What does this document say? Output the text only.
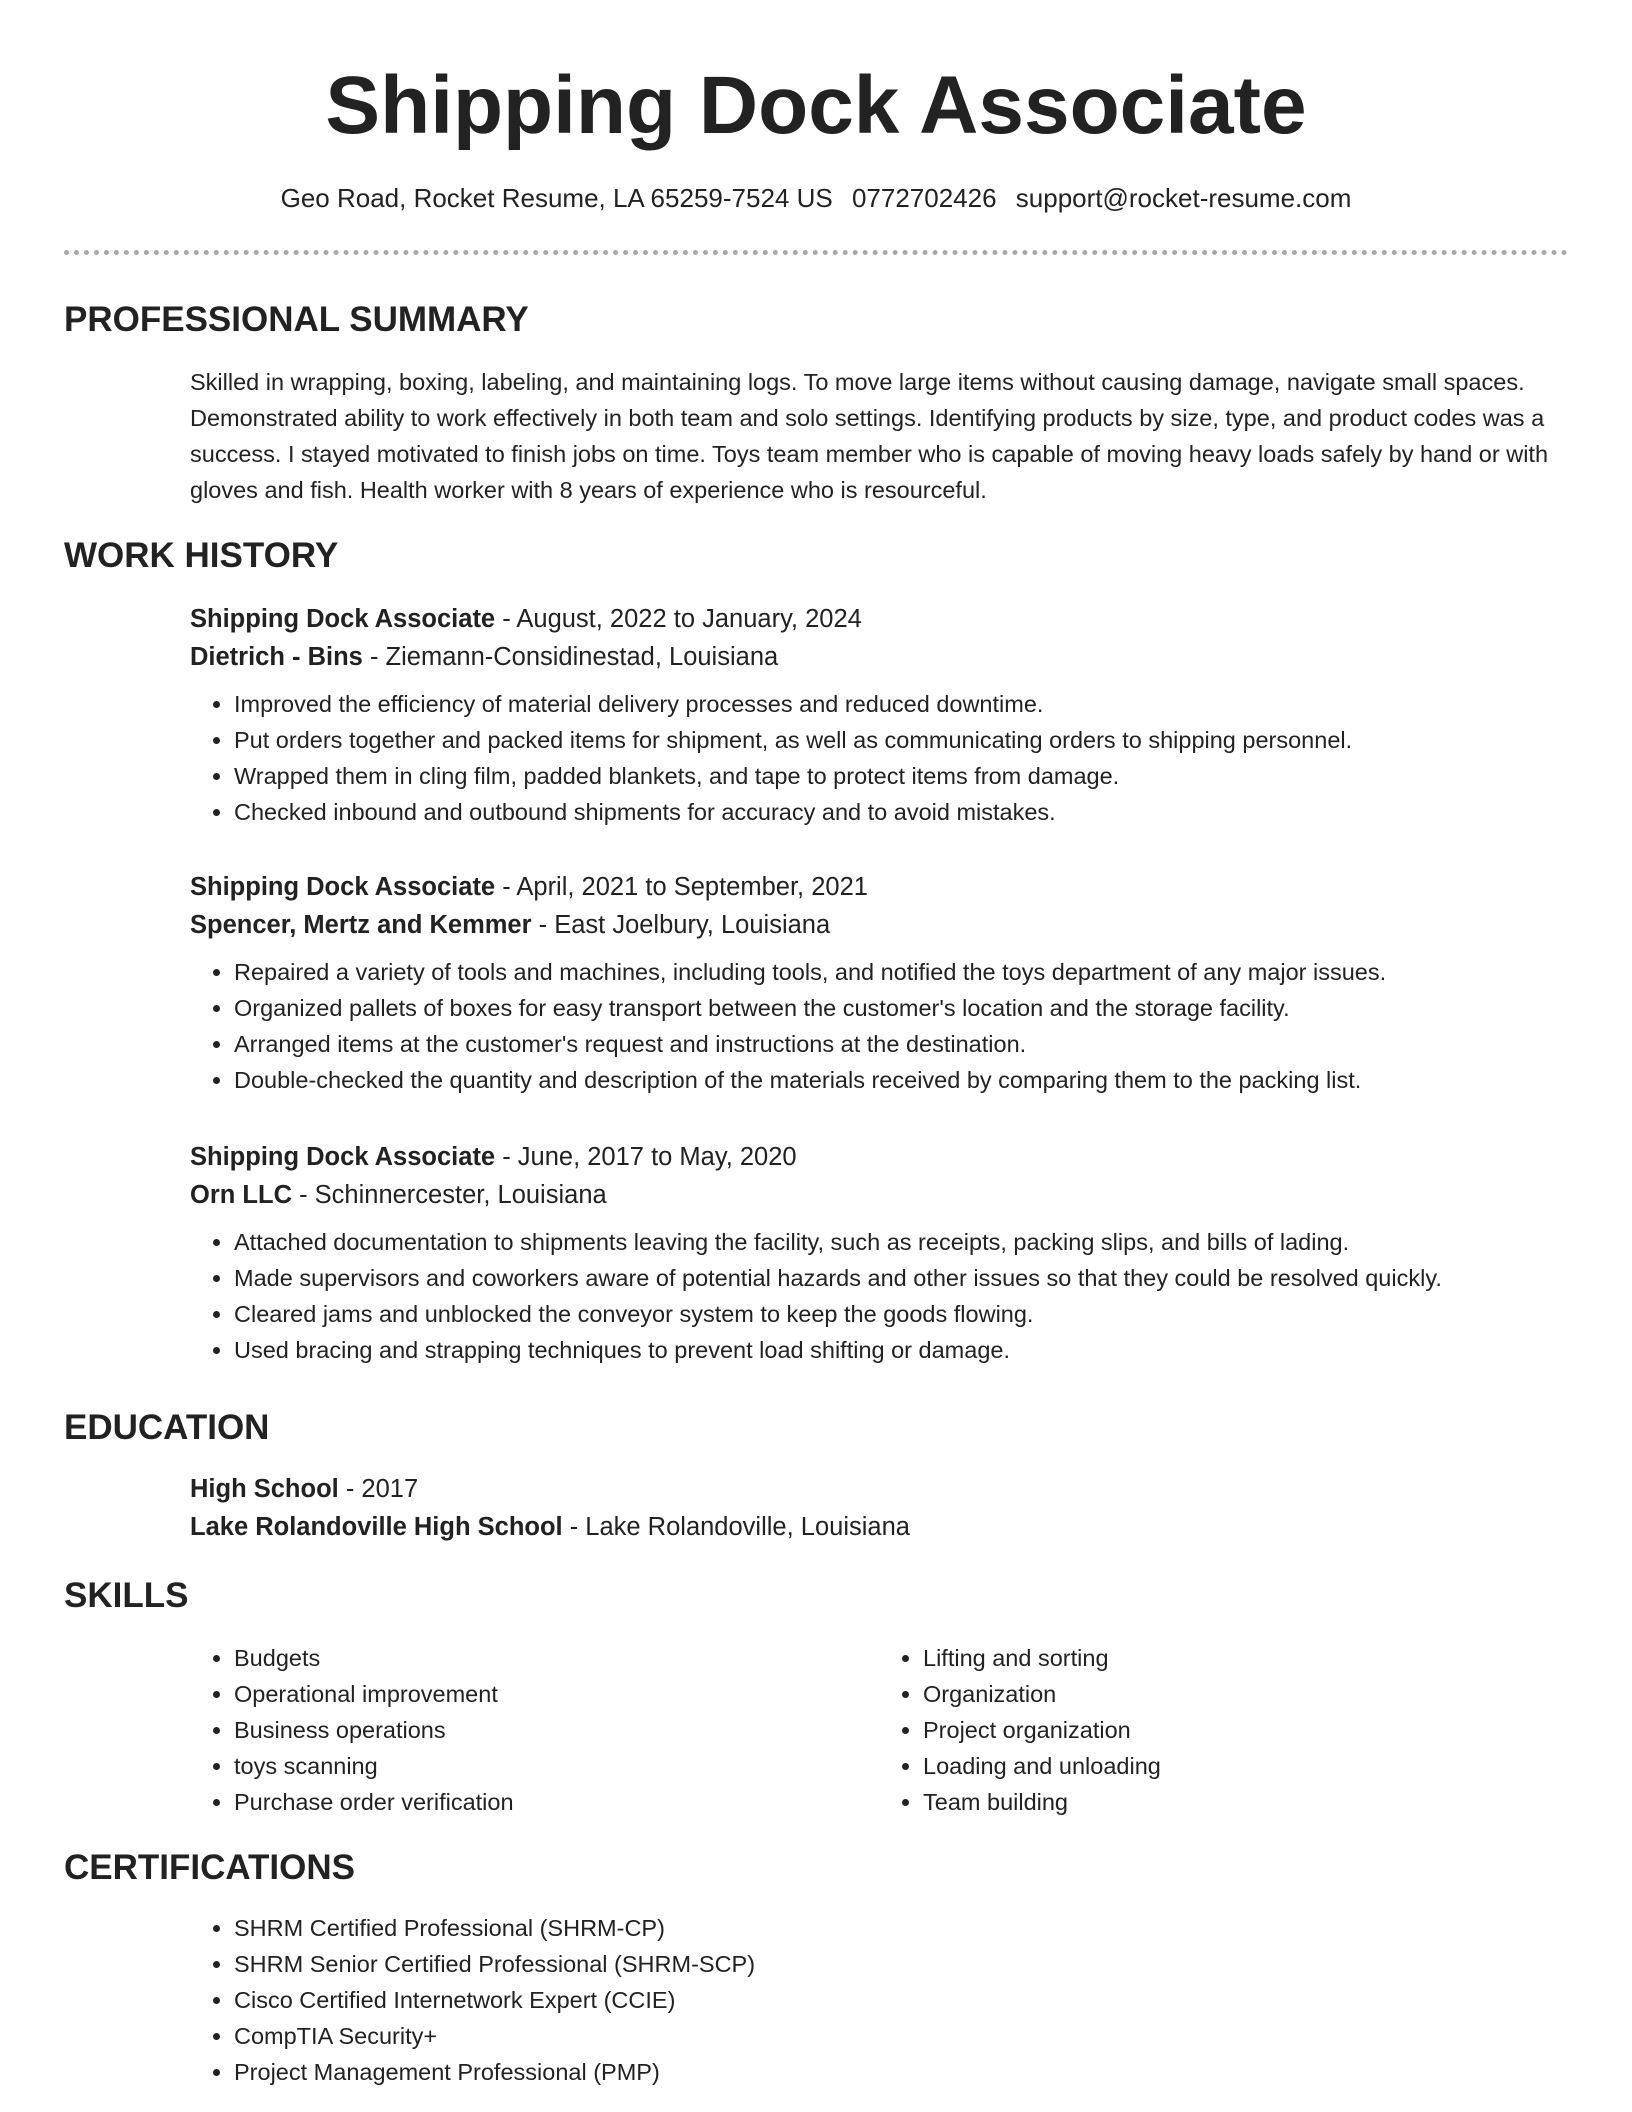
Shipping Dock Associate
Geo Road, Rocket Resume, LA 65259-7524 US 0772702426 support@rocket-resume.com
PROFESSIONAL SUMMARY

Skilled in wrapping, boxing, labeling, and maintaining logs. To move large items without causing damage, navigate small spaces. Demonstrated ability to work effectively in both team and solo settings. Identifying products by size, type, and product codes was a success. I stayed motivated to finish jobs on time. Toys team member who is capable of moving heavy loads safely by hand or with gloves and fish. Health worker with 8 years of experience who is resourceful.

WORK HISTORY

Shipping Dock Associate - August, 2022 to January, 2024

Dietrich - Bins - Ziemann-Considinestad, Louisiana

• Improved the efficiency of material delivery processes and reduced downtime.
• Put orders together and packed items for shipment, as well as communicating orders to shipping personnel.
• Wrapped them in cling film, padded blankets, and tape to protect items from damage.
• Checked inbound and outbound shipments for accuracy and to avoid mistakes.

Shipping Dock Associate - April, 2021 to September, 2021

Spencer, Mertz and Kemmer - East Joelbury, Louisiana

• Repaired a variety of tools and machines, including tools, and notified the toys department of any major issues.
• Organized pallets of boxes for easy transport between the customer's location and the storage facility.
• Arranged items at the customer's request and instructions at the destination.
• Double-checked the quantity and description of the materials received by comparing them to the packing list.

Shipping Dock Associate - June, 2017 to May, 2020

Orn LLC - Schinnercester, Louisiana

• Attached documentation to shipments leaving the facility, such as receipts, packing slips, and bills of lading.
• Made supervisors and coworkers aware of potential hazards and other issues so that they could be resolved quickly.
• Cleared jams and unblocked the conveyor system to keep the goods flowing.
• Used bracing and strapping techniques to prevent load shifting or damage.
EDUCATION

High School - 2017

Lake Rolandoville High School - Lake Rolandoville, Louisiana

SKILLS
• Budgets
• Operational improvement
• Business operations
• toys scanning
• Purchase order verification
• Lifting and sorting
• Organization
• Project organization
• Loading and unloading
• Team building
CERTIFICATIONS
• SHRM Certified Professional (SHRM-CP)
• SHRM Senior Certified Professional (SHRM-SCP)
• Cisco Certified Internetwork Expert (CCIE)
• CompTIA Security+
• Project Management Professional (PMP)
